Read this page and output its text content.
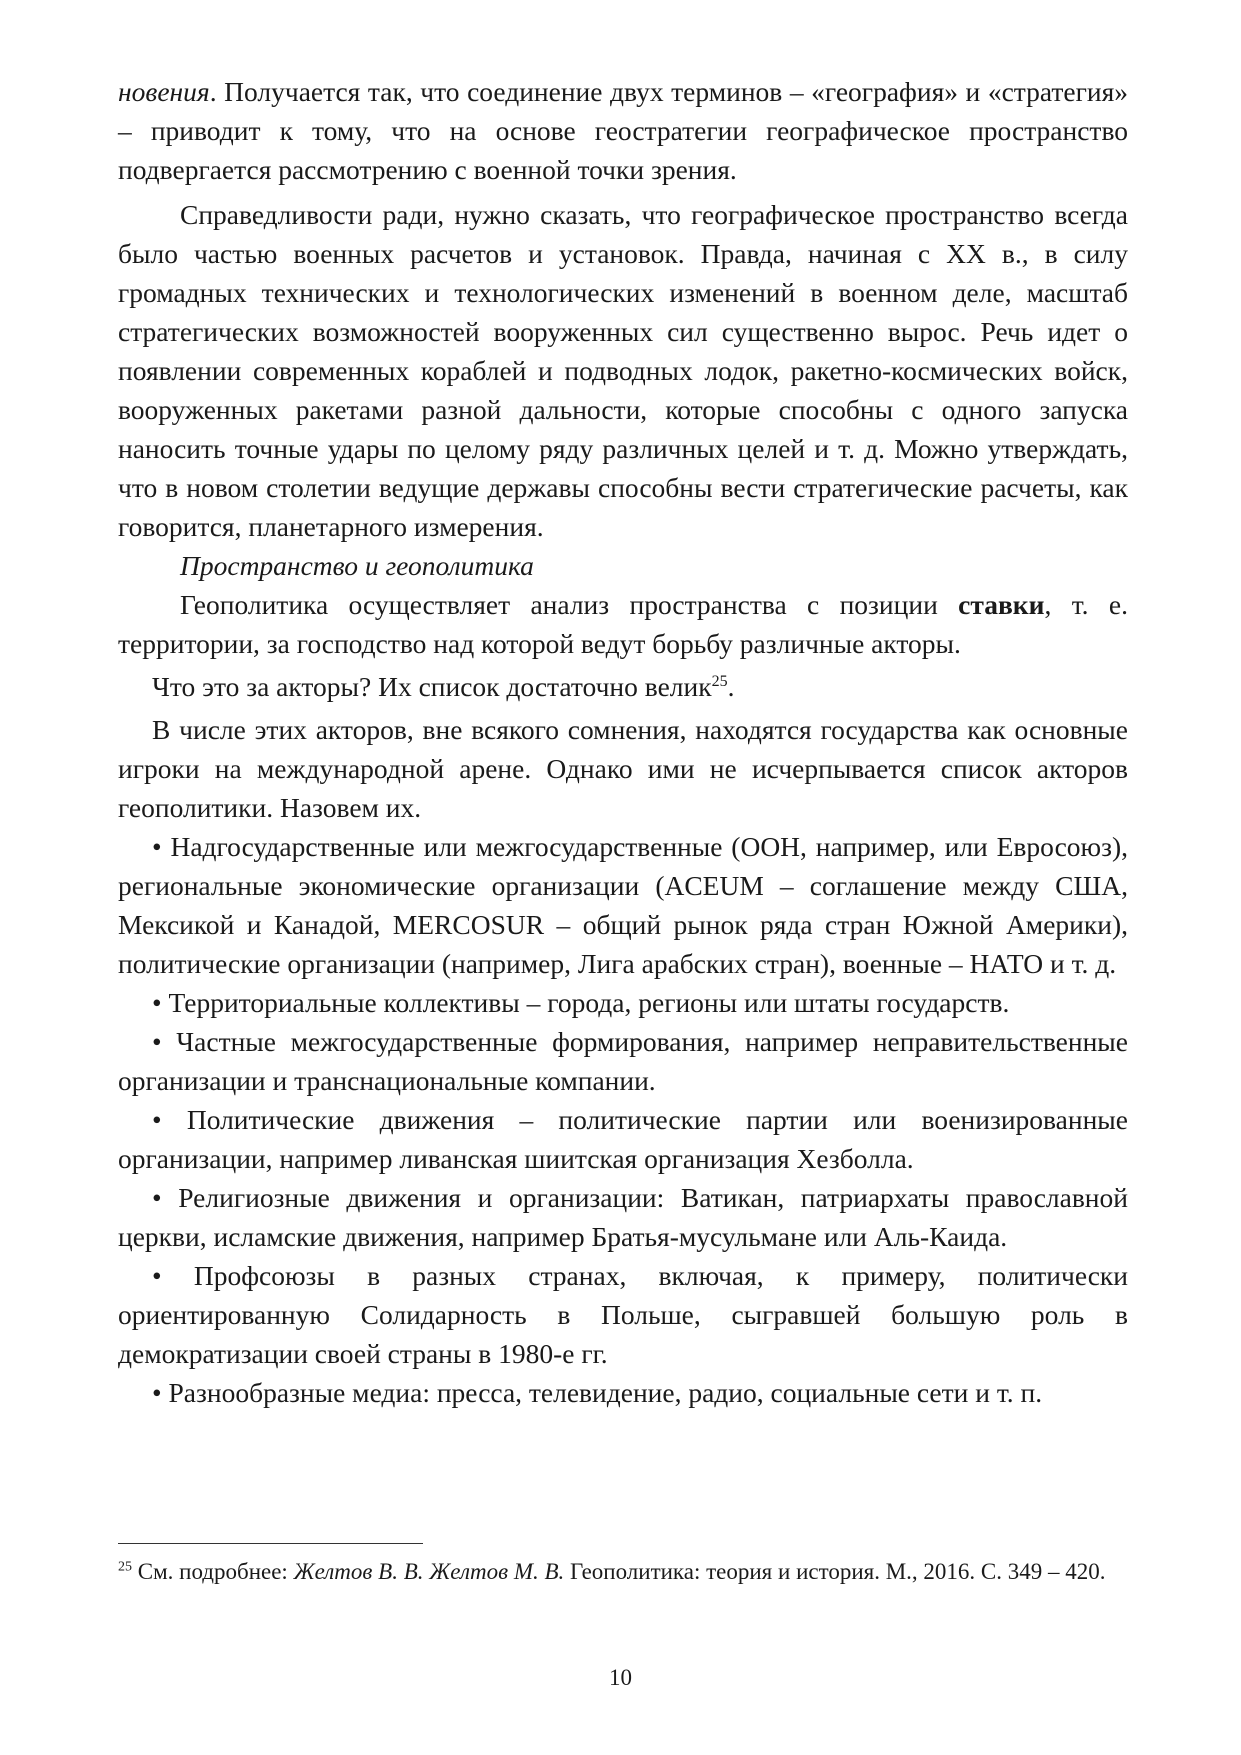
новения. Получается так, что соединение двух терминов – «география» и «стратегия» – приводит к тому, что на основе геостратегии географическое пространство подвергается рассмотрению с военной точки зрения.

Справедливости ради, нужно сказать, что географическое пространство всегда было частью военных расчетов и установок. Правда, начиная с XX в., в силу громадных технических и технологических изменений в военном деле, масштаб стратегических возможностей вооруженных сил существенно вырос. Речь идет о появлении современных кораблей и подводных лодок, ракетно-космических войск, вооруженных ракетами разной дальности, которые способны с одного запуска наносить точные удары по целому ряду различных целей и т. д. Можно утверждать, что в новом столетии ведущие державы способны вести стратегические расчеты, как говорится, планетарного измерения.

Пространство и геополитика

Геополитика осуществляет анализ пространства с позиции ставки, т. е. территории, за господство над которой ведут борьбу различные акторы.

Что это за акторы? Их список достаточно велик$^{25}$.

В числе этих акторов, вне всякого сомнения, находятся государства как основные игроки на международной арене. Однако ими не исчерпывается список акторов геополитики. Назовем их.

• Надгосударственные или межгосударственные (ООН, например, или Евросоюз), региональные экономические организации (ACEUM – соглашение между США, Мексикой и Канадой, MERCOSUR – общий рынок ряда стран Южной Америки), политические организации (например, Лига арабских стран), военные – НАТО и т. д.

• Территориальные коллективы – города, регионы или штаты государств.

• Частные межгосударственные формирования, например неправительственные организации и транснациональные компании.

• Политические движения – политические партии или военизированные организации, например ливанская шиитская организация Хезболла.

• Религиозные движения и организации: Ватикан, патриархаты православной церкви, исламские движения, например Братья-мусульмане или Аль-Каида.

• Профсоюзы в разных странах, включая, к примеру, политически ориентированную Солидарность в Польше, сыгравшей большую роль в демократизации своей страны в 1980-е гг.

• Разнообразные медиа: пресса, телевидение, радио, социальные сети и т. п.

$^{25}$ См. подробнее: Желтов В. В. Желтов М. В. Геополитика: теория и история. М., 2016. С. 349 – 420.

10
